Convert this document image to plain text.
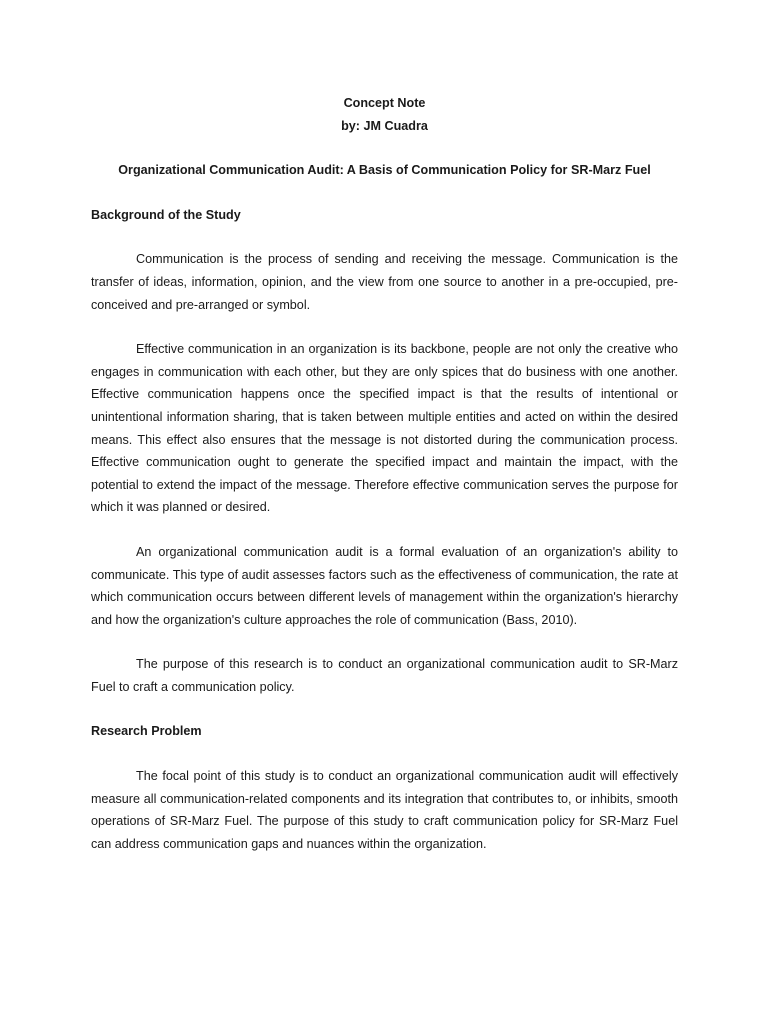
Concept Note

by: JM Cuadra

Organizational Communication Audit: A Basis of Communication Policy for SR-Marz Fuel

Background of the Study

Communication is the process of sending and receiving the message. Communication is the transfer of ideas, information, opinion, and the view from one source to another in a pre-occupied, pre-conceived and pre-arranged or symbol.

Effective communication in an organization is its backbone, people are not only the creative who engages in communication with each other, but they are only spices that do business with one another. Effective communication happens once the specified impact is that the results of intentional or unintentional information sharing, that is taken between multiple entities and acted on within the desired means. This effect also ensures that the message is not distorted during the communication process. Effective communication ought to generate the specified impact and maintain the impact, with the potential to extend the impact of the message. Therefore effective communication serves the purpose for which it was planned or desired.

An organizational communication audit is a formal evaluation of an organization's ability to communicate. This type of audit assesses factors such as the effectiveness of communication, the rate at which communication occurs between different levels of management within the organization's hierarchy and how the organization's culture approaches the role of communication (Bass, 2010).

The purpose of this research is to conduct an organizational communication audit to SR-Marz Fuel to craft a communication policy.

Research Problem

The focal point of this study is to conduct an organizational communication audit will effectively measure all communication-related components and its integration that contributes to, or inhibits, smooth operations of SR-Marz Fuel. The purpose of this study to craft communication policy for SR-Marz Fuel can address communication gaps and nuances within the organization.
